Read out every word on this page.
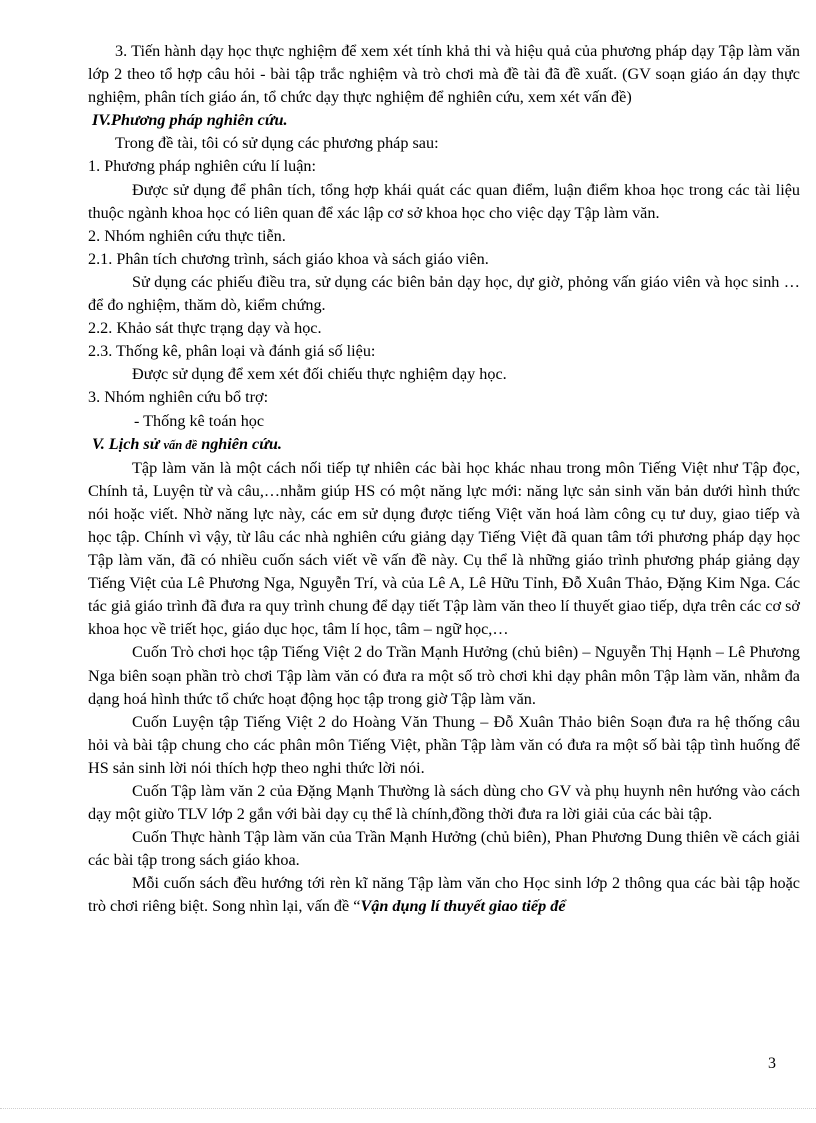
3. Tiến hành dạy học thực nghiệm để xem xét tính khả thi và hiệu quả của phương pháp dạy Tập làm văn lớp 2 theo tổ hợp câu hỏi - bài tập trắc nghiệm và trò chơi mà đề tài đã đề xuất. (GV soạn giáo án dạy thực nghiệm, phân tích giáo án, tổ chức dạy thực nghiệm để nghiên cứu, xem xét vấn đề)

IV.Phương pháp nghiên cứu.

Trong đề tài, tôi có sử dụng các phương pháp sau:

1. Phương pháp nghiên cứu lí luận:

Được sử dụng để phân tích, tổng hợp khái quát các quan điểm, luận điểm khoa học trong các tài liệu thuộc ngành khoa học có liên quan để xác lập cơ sở khoa học cho việc dạy Tập làm văn.

2. Nhóm nghiên cứu thực tiễn.

2.1. Phân tích chương trình, sách giáo khoa và sách giáo viên.

Sử dụng các phiếu điều tra, sử dụng các biên bản dạy học, dự giờ, phỏng vấn giáo viên và học sinh …để đo nghiệm, thăm dò, kiểm chứng.

2.2. Khảo sát thực trạng dạy và học.

2.3. Thống kê, phân loại và đánh giá số liệu:

Được sử dụng để xem xét đối chiếu thực nghiệm dạy học.

3. Nhóm nghiên cứu bổ trợ:

- Thống kê toán học

V. Lịch sử vấn đề nghiên cứu.

Tập làm văn là một cách nối tiếp tự nhiên các bài học khác nhau trong môn Tiếng Việt như Tập đọc, Chính tả, Luyện từ và câu,…nhằm giúp HS có một năng lực mới: năng lực sản sinh văn bản dưới hình thức nói hoặc viết. Nhờ năng lực này, các em sử dụng được tiếng Việt văn hoá làm công cụ tư duy, giao tiếp và học tập. Chính vì vậy, từ lâu các nhà nghiên cứu giảng dạy Tiếng Việt đã quan tâm tới phương pháp dạy học Tập làm văn, đã có nhiều cuốn sách viết về vấn đề này. Cụ thể là những giáo trình phương pháp giảng dạy Tiếng Việt của Lê Phương Nga, Nguyễn Trí, và của Lê A, Lê Hữu Tỉnh, Đỗ Xuân Thảo, Đặng Kim Nga. Các tác giả giáo trình đã đưa ra quy trình chung để dạy tiết Tập làm văn theo lí thuyết giao tiếp, dựa trên các cơ sở khoa học về triết học, giáo dục học, tâm lí học, tâm – ngữ học,…

Cuốn Trò chơi học tập Tiếng Việt 2 do Trần Mạnh Hưởng (chủ biên) – Nguyễn Thị Hạnh – Lê Phương Nga biên soạn phần trò chơi Tập làm văn có đưa ra một số trò chơi khi dạy phân môn Tập làm văn, nhằm đa dạng hoá hình thức tổ chức hoạt động học tập trong giờ Tập làm văn.

Cuốn Luyện tập Tiếng Việt 2 do Hoàng Văn Thung – Đỗ Xuân Thảo biên Soạn đưa ra hệ thống câu hỏi và bài tập chung cho các phân môn Tiếng Việt, phần Tập làm văn có đưa ra một số bài tập tình huống để HS sản sinh lời nói thích hợp theo nghi thức lời nói.

Cuốn Tập làm văn 2 của Đặng Mạnh Thường là sách dùng cho GV và phụ huynh nên hướng vào cách dạy một giừo TLV lớp 2 gắn với bài dạy cụ thể là chính,đồng thời đưa ra lời giải của các bài tập.

Cuốn Thực hành Tập làm văn của Trần Mạnh Hưởng (chủ biên), Phan Phương Dung thiên về cách giải các bài tập trong sách giáo khoa.

Mỗi cuốn sách đều hướng tới rèn kĩ năng Tập làm văn cho Học sinh lớp 2 thông qua các bài tập hoặc trò chơi riêng biệt. Song nhìn lại, vấn đề “Vận dụng lí thuyết giao tiếp để

3
